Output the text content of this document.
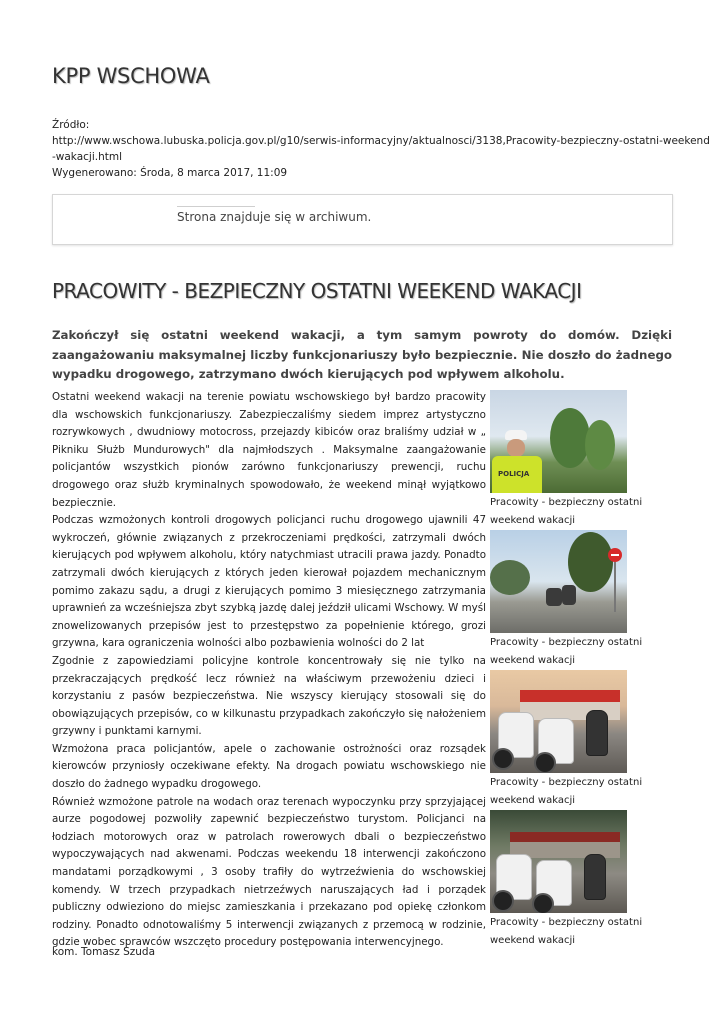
KPP WSCHOWA
Źródło:
http://www.wschowa.lubuska.policja.gov.pl/g10/serwis-informacyjny/aktualnosci/3138,Pracowity-bezpieczny-ostatni-weekend
-wakacji.html
Wygenerowano: Środa, 8 marca 2017, 11:09
Strona znajduje się w archiwum.
PRACOWITY - BEZPIECZNY OSTATNI WEEKEND WAKACJI

Zakończył się ostatni weekend wakacji, a tym samym powroty do domów. Dzięki zaangażowaniu maksymalnej liczby funkcjonariuszy było bezpiecznie. Nie doszło do żadnego wypadku drogowego, zatrzymano dwóch kierujących pod wpływem alkoholu.

Ostatni weekend wakacji na terenie powiatu wschowskiego był bardzo pracowity dla wschowskich funkcjonariuszy. Zabezpieczaliśmy siedem imprez artystyczno rozrywkowych , dwudniowy motocross, przejazdy kibiców oraz braliśmy udział w „ Pikniku Służb Mundurowych" dla najmłodszych . Maksymalne zaangażowanie policjantów wszystkich pionów zarówno funkcjonariuszy prewencji, ruchu drogowego oraz służb kryminalnych spowodowało, że weekend minął wyjątkowo bezpiecznie.

Podczas wzmożonych kontroli drogowych policjanci ruchu drogowego ujawnili 47 wykroczeń, głównie związanych z przekroczeniami prędkości, zatrzymali dwóch kierujących pod wpływem alkoholu, który natychmiast utracili prawa jazdy. Ponadto zatrzymali dwóch kierujących z których jeden kierował pojazdem mechanicznym pomimo zakazu sądu, a drugi z kierujących pomimo 3 miesięcznego zatrzymania uprawnień za wcześniejsza zbyt szybką jazdę dalej jeździł ulicami Wschowy. W myśl znowelizowanych przepisów jest to przestępstwo za popełnienie którego, grozi grzywna, kara ograniczenia wolności albo pozbawienia wolności do 2 lat

Zgodnie z zapowiedziami policyjne kontrole koncentrowały się nie tylko na przekraczających prędkość lecz również na właściwym przewożeniu dzieci i korzystaniu z pasów bezpieczeństwa. Nie wszyscy kierujący stosowali się do obowiązujących przepisów, co w kilkunastu przypadkach zakończyło się nałożeniem grzywny i punktami karnymi.

Wzmożona praca policjantów, apele o zachowanie ostrożności oraz rozsądek kierowców przyniosły oczekiwane efekty. Na drogach powiatu wschowskiego nie doszło do żadnego wypadku drogowego.

Również wzmożone patrole na wodach oraz terenach wypoczynku przy sprzyjającej aurze pogodowej pozwoliły zapewnić bezpieczeństwo turystom. Policjanci na łodziach motorowych oraz w patrolach rowerowych dbali o bezpieczeństwo wypoczywających nad akwenami. Podczas weekendu 18 interwencji zakończono mandatami porządkowymi , 3 osoby trafiły do wytrzeźwienia do wschowskiej komendy. W trzech przypadkach nietrzeźwych naruszających ład i porządek publiczny odwieziono do miejsc zamieszkania i przekazano pod opiekę członkom rodziny. Ponadto odnotowaliśmy 5 interwencji związanych z przemocą w rodzinie, gdzie wobec sprawców wszczęto procedury postępowania interwencyjnego.

POLICJA
Pracowity - bezpieczny ostatni weekend wakacji
Pracowity - bezpieczny ostatni weekend wakacji
Pracowity - bezpieczny ostatni weekend wakacji
Pracowity - bezpieczny ostatni weekend wakacji
kom. Tomasz Szuda
